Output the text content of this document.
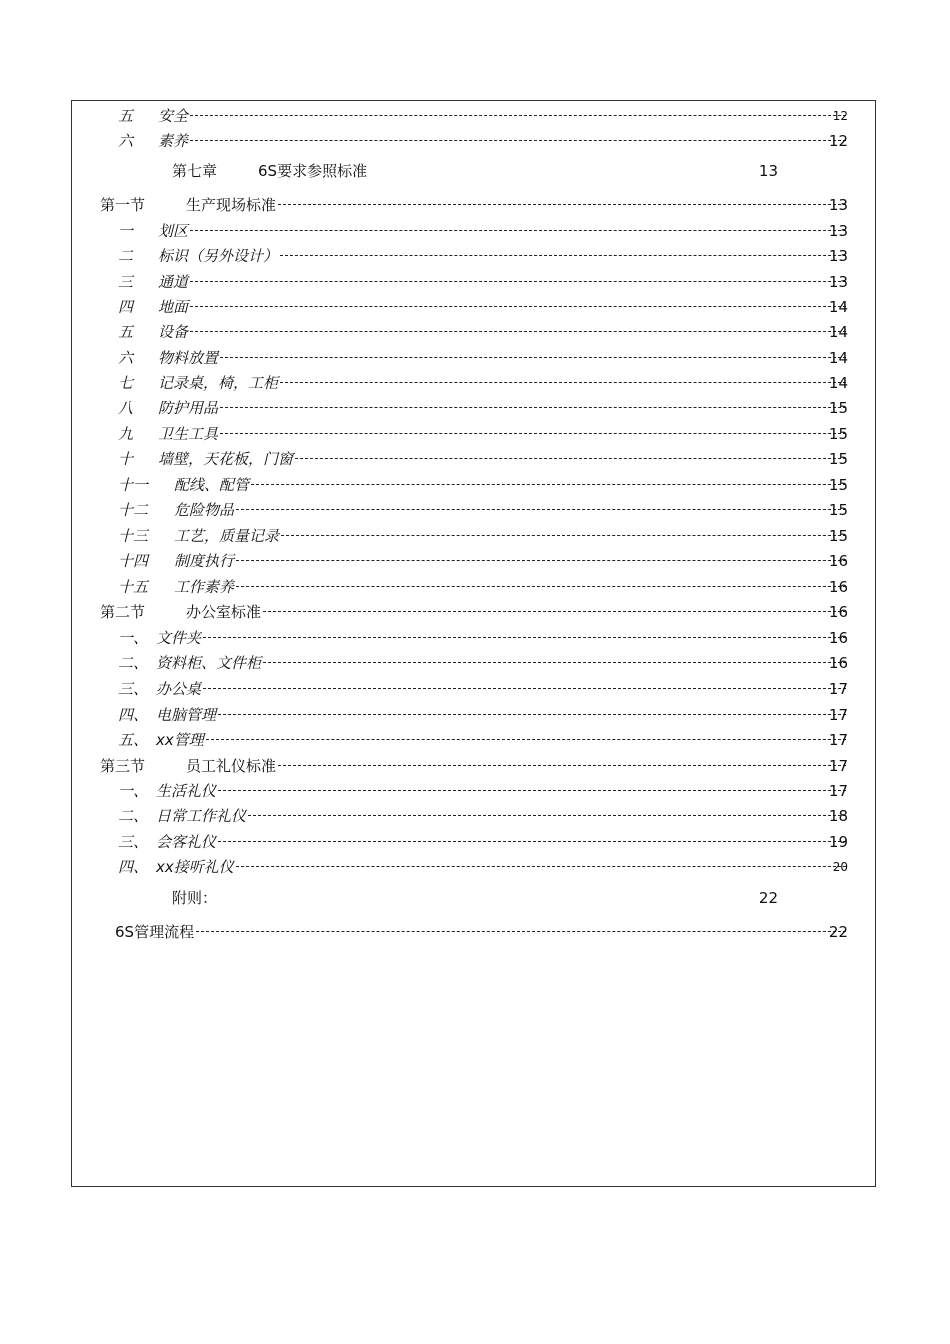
五 安全	12
六 素养	12
第七章	6S要求参照标准	13
第一节	生产现场标准	13
一 划区	13
二 标识（另外设计）	13
三 通道	13
四 地面	14
五 设备	14
六 物料放置	14
七 记录桌，椅，工柜	14
八 防护用品	15
九 卫生工具	15
十 墙壁，天花板，门窗	15
十一 配线、配管	15
十二 危险物品	15
十三 工艺，质量记录	15
十四 制度执行	16
十五 工作素养	16
第二节	办公室标准	16
一、 文件夹	16
二、 资料柜、文件柜	16
三、 办公桌	17
四、 电脑管理	17
五、 xx管理	17
第三节	员工礼仪标准	17
一、 生活礼仪	17
二、 日常工作礼仪	18
三、 会客礼仪	19
四、 xx接听礼仪	20
附则：	22
6S管理流程	22
